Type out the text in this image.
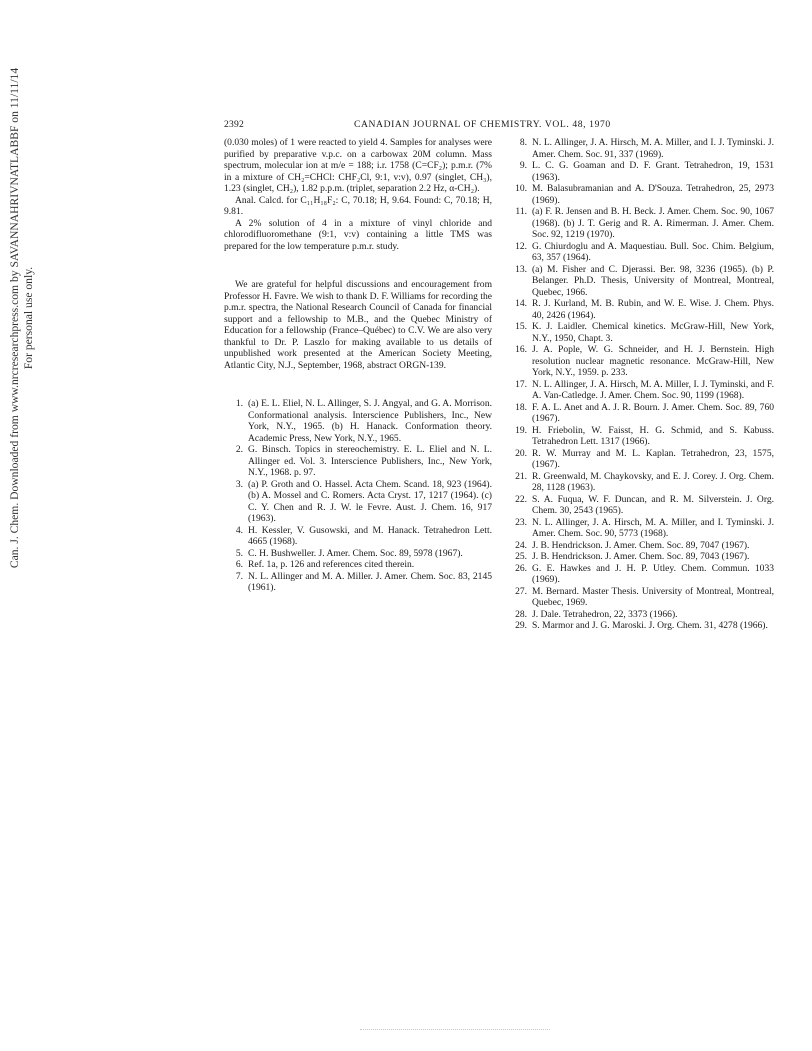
Can. J. Chem. Downloaded from www.nrcresearchpress.com by SAVANNAHRIVNATLABBF on 11/11/14 For personal use only.
2392	CANADIAN JOURNAL OF CHEMISTRY. VOL. 48, 1970

(0.030 moles) of 1 were reacted to yield 4. Samples for analyses were purified by preparative v.p.c. on a carbowax 20M column. Mass spectrum, molecular ion at m/e = 188; i.r. 1758 (C=CF₂); p.m.r. (7% in a mixture of CH₂=CHCl: CHF₂Cl, 9:1, v:v), 0.97 (singlet, CH₃), 1.23 (singlet, CH₂), 1.82 p.p.m. (triplet, separation 2.2 Hz, α-CH₂).

Anal. Calcd. for C₁₁H₁₈F₂: C, 70.18; H, 9.64. Found: C, 70.18; H, 9.81.

A 2% solution of 4 in a mixture of vinyl chloride and chlorodifluoromethane (9:1, v:v) containing a little TMS was prepared for the low temperature p.m.r. study.

We are grateful for helpful discussions and encouragement from Professor H. Favre. We wish to thank D. F. Williams for recording the p.m.r. spectra, the National Research Council of Canada for financial support and a fellowship to M.B., and the Quebec Ministry of Education for a fellowship (France–Québec) to C.V. We are also very thankful to Dr. P. Laszlo for making available to us details of unpublished work presented at the American Society Meeting, Atlantic City, N.J., September, 1968, abstract ORGN-139.

1. (a) E. L. Eliel, N. L. Allinger, S. J. Angyal, and G. A. Morrison. Conformational analysis. Interscience Publishers, Inc., New York, N.Y., 1965. (b) H. Hanack. Conformation theory. Academic Press, New York, N.Y., 1965.
2. G. Binsch. Topics in stereochemistry. E. L. Eliel and N. L. Allinger ed. Vol. 3. Interscience Publishers, Inc., New York, N.Y., 1968. p. 97.
3. (a) P. Groth and O. Hassel. Acta Chem. Scand. 18, 923 (1964). (b) A. Mossel and C. Romers. Acta Cryst. 17, 1217 (1964). (c) C. Y. Chen and R. J. W. le Fevre. Aust. J. Chem. 16, 917 (1963).
4. H. Kessler, V. Gusowski, and M. Hanack. Tetrahedron Lett. 4665 (1968).
5. C. H. Bushweller. J. Amer. Chem. Soc. 89, 5978 (1967).
6. Ref. 1a, p. 126 and references cited therein.
7. N. L. Allinger and M. A. Miller. J. Amer. Chem. Soc. 83, 2145 (1961).
8. N. L. Allinger, J. A. Hirsch, M. A. Miller, and I. J. Tyminski. J. Amer. Chem. Soc. 91, 337 (1969).
9. L. C. G. Goaman and D. F. Grant. Tetrahedron, 19, 1531 (1963).
10. M. Balasubramanian and A. D'Souza. Tetrahedron, 25, 2973 (1969).
11. (a) F. R. Jensen and B. H. Beck. J. Amer. Chem. Soc. 90, 1067 (1968). (b) J. T. Gerig and R. A. Rimerman. J. Amer. Chem. Soc. 92, 1219 (1970).
12. G. Chiurdoglu and A. Maquestiau. Bull. Soc. Chim. Belgium, 63, 357 (1964).
13. (a) M. Fisher and C. Djerassi. Ber. 98, 3236 (1965). (b) P. Belanger. Ph.D. Thesis, University of Montreal, Montreal, Quebec, 1966.
14. R. J. Kurland, M. B. Rubin, and W. E. Wise. J. Chem. Phys. 40, 2426 (1964).
15. K. J. Laidler. Chemical kinetics. McGraw-Hill, New York, N.Y., 1950, Chapt. 3.
16. J. A. Pople, W. G. Schneider, and H. J. Bernstein. High resolution nuclear magnetic resonance. McGraw-Hill, New York, N.Y., 1959. p. 233.
17. N. L. Allinger, J. A. Hirsch, M. A. Miller, I. J. Tyminski, and F. A. Van-Catledge. J. Amer. Chem. Soc. 90, 1199 (1968).
18. F. A. L. Anet and A. J. R. Bourn. J. Amer. Chem. Soc. 89, 760 (1967).
19. H. Friebolin, W. Faisst, H. G. Schmid, and S. Kabuss. Tetrahedron Lett. 1317 (1966).
20. R. W. Murray and M. L. Kaplan. Tetrahedron, 23, 1575, (1967).
21. R. Greenwald, M. Chaykovsky, and E. J. Corey. J. Org. Chem. 28, 1128 (1963).
22. S. A. Fuqua, W. F. Duncan, and R. M. Silverstein. J. Org. Chem. 30, 2543 (1965).
23. N. L. Allinger, J. A. Hirsch, M. A. Miller, and I. Tyminski. J. Amer. Chem. Soc. 90, 5773 (1968).
24. J. B. Hendrickson. J. Amer. Chem. Soc. 89, 7047 (1967).
25. J. B. Hendrickson. J. Amer. Chem. Soc. 89, 7043 (1967).
26. G. E. Hawkes and J. H. P. Utley. Chem. Commun. 1033 (1969).
27. M. Bernard. Master Thesis. University of Montreal, Montreal, Quebec, 1969.
28. J. Dale. Tetrahedron, 22, 3373 (1966).
29. S. Marmor and J. G. Maroski. J. Org. Chem. 31, 4278 (1966).
